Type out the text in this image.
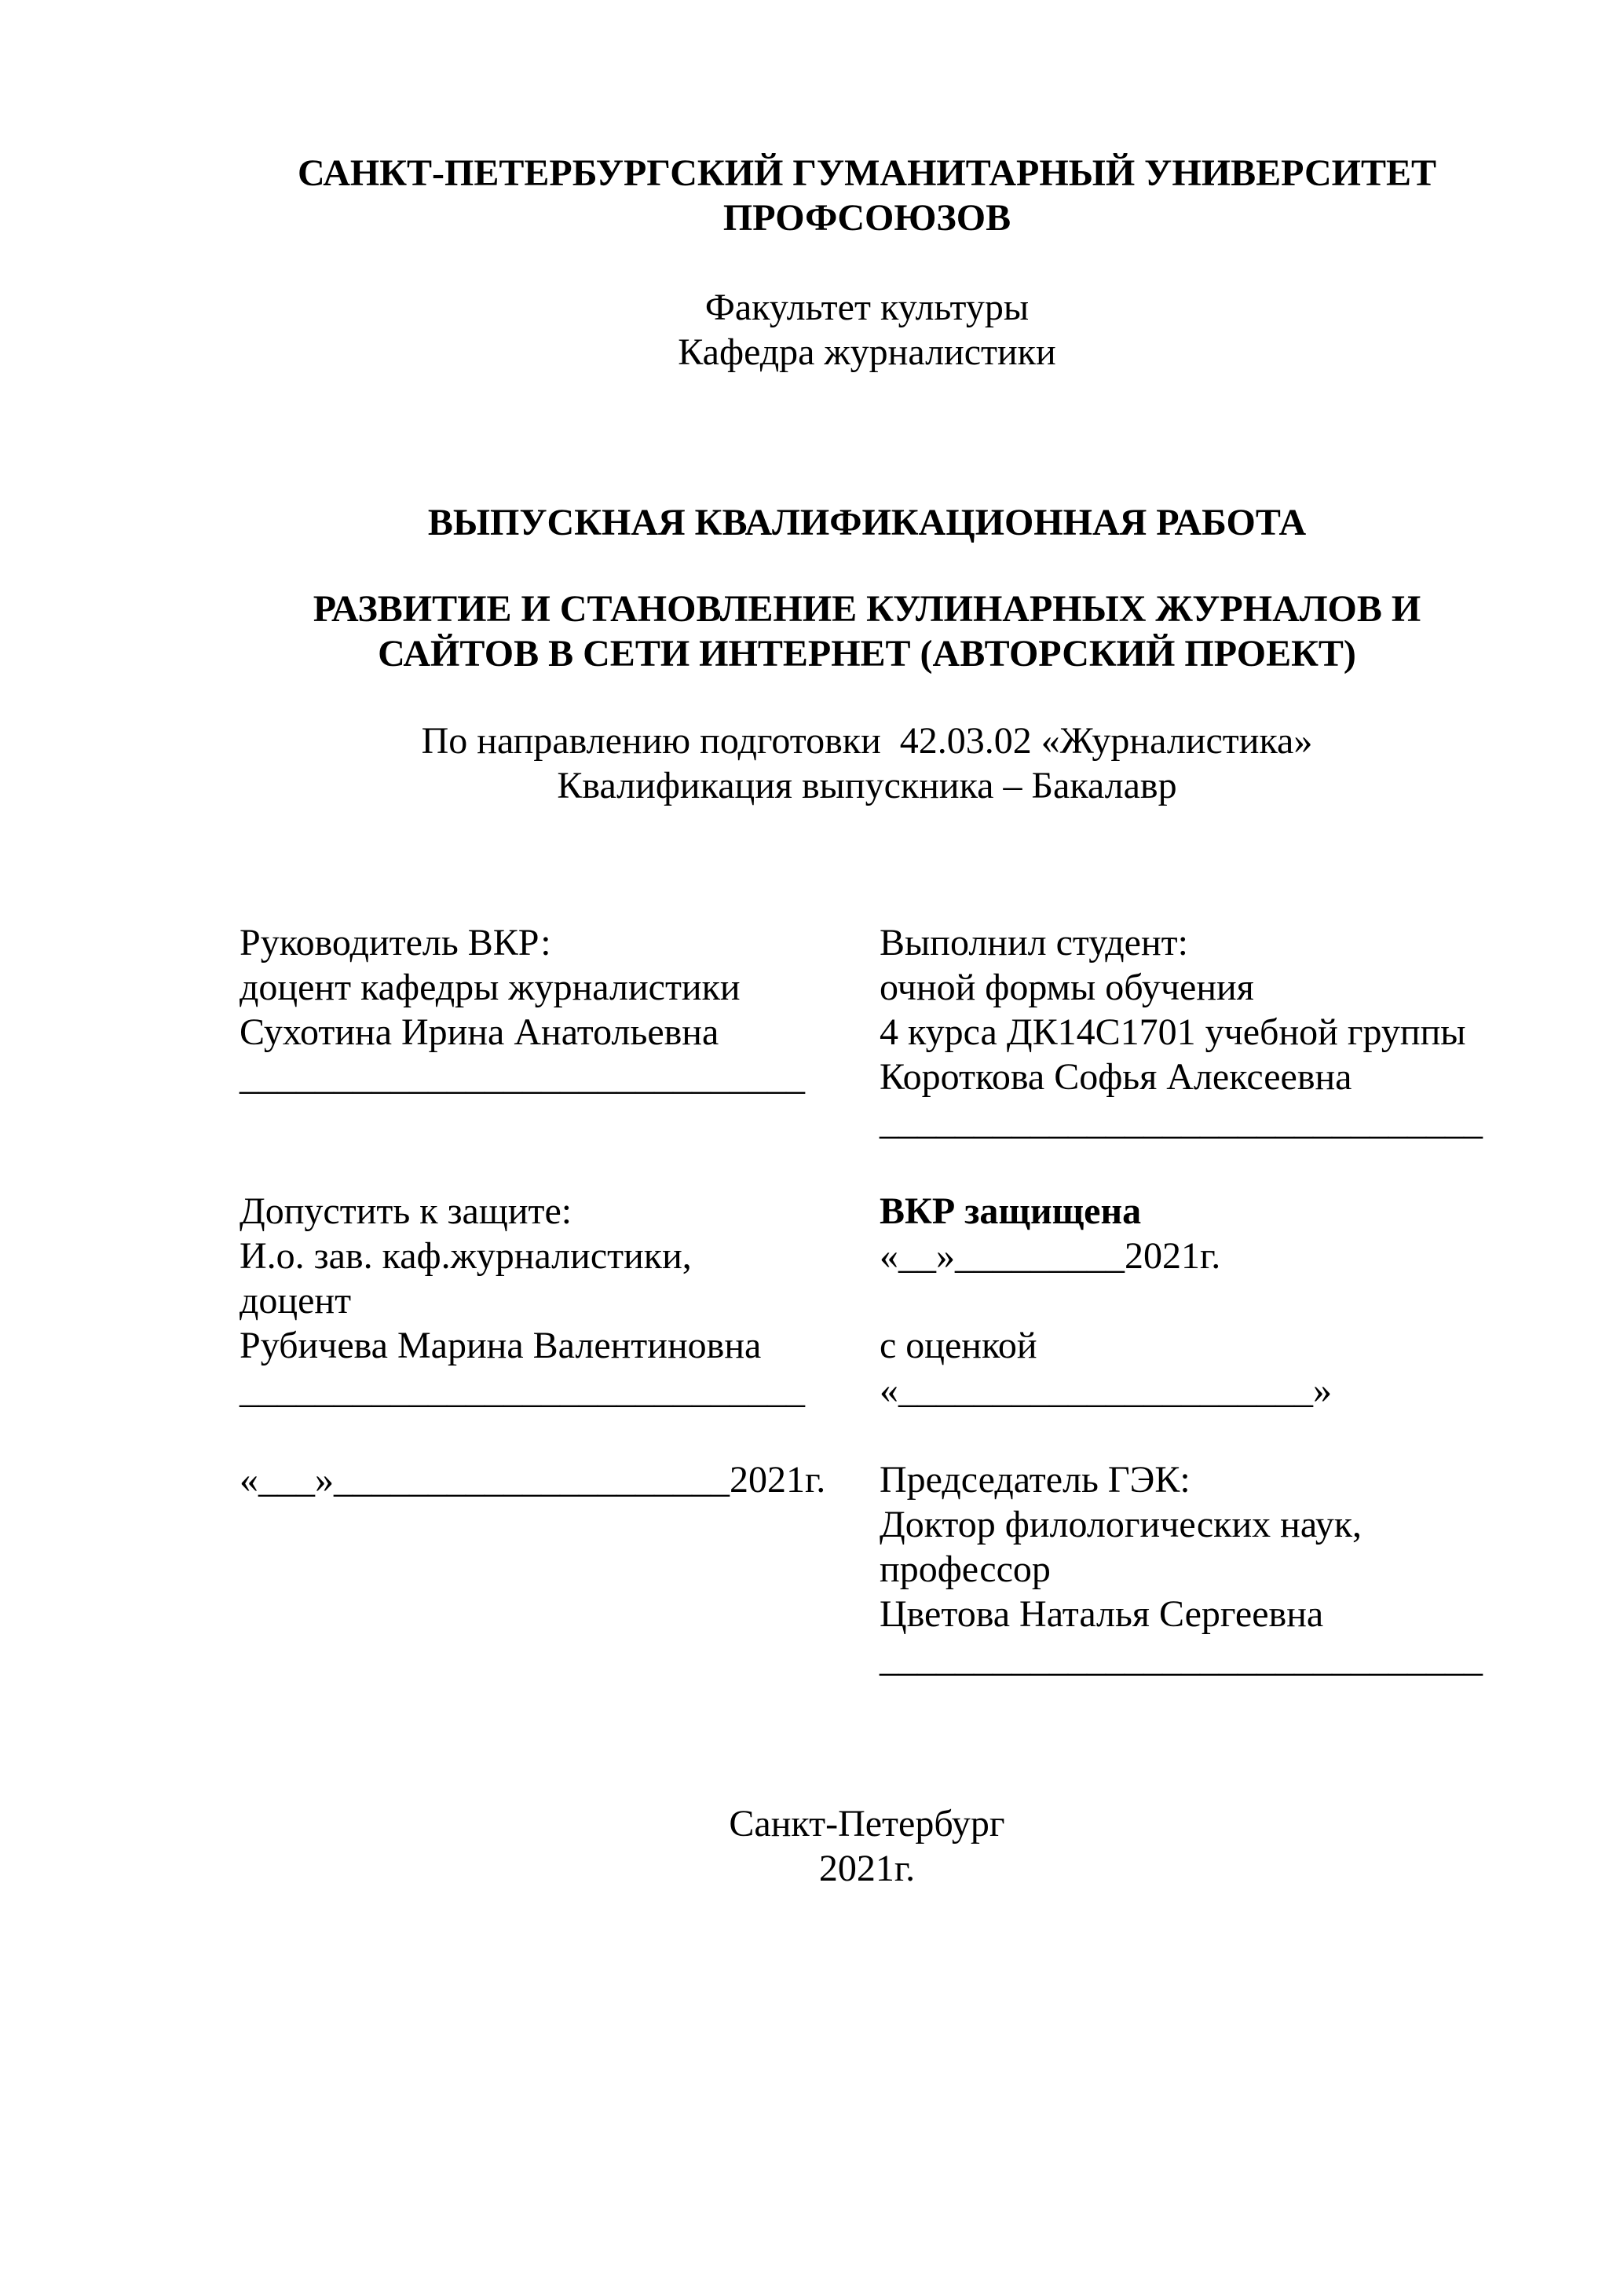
САНКТ-ПЕТЕРБУРГСКИЙ ГУМАНИТАРНЫЙ УНИВЕРСИТЕТ
ПРОФСОЮЗОВ
Факультет культуры
Кафедра журналистики
ВЫПУСКНАЯ КВАЛИФИКАЦИОННАЯ РАБОТА
РАЗВИТИЕ И СТАНОВЛЕНИЕ КУЛИНАРНЫХ ЖУРНАЛОВ И
САЙТОВ В СЕТИ ИНТЕРНЕТ (АВТОРСКИЙ ПРОЕКТ)
По направлению подготовки  42.03.02 «Журналистика»
Квалификация выпускника – Бакалавр
Руководитель ВКР:
доцент кафедры журналистики
Сухотина Ирина Анатольевна
______________________________
Допустить к защите:
И.о. зав. каф.журналистики,
доцент
Рубичева Марина Валентиновна
______________________________
«___»_____________________2021г.
Выполнил студент:
очной формы обучения
4 курса ДК14С1701 учебной группы
Короткова Софья Алексеевна
________________________________
ВКР защищена
«__»_________2021г.
с оценкой
«______________________»
Председатель ГЭК:
Доктор филологических наук,
профессор
Цветова Наталья Сергеевна
________________________________
Санкт-Петербург
2021г.
